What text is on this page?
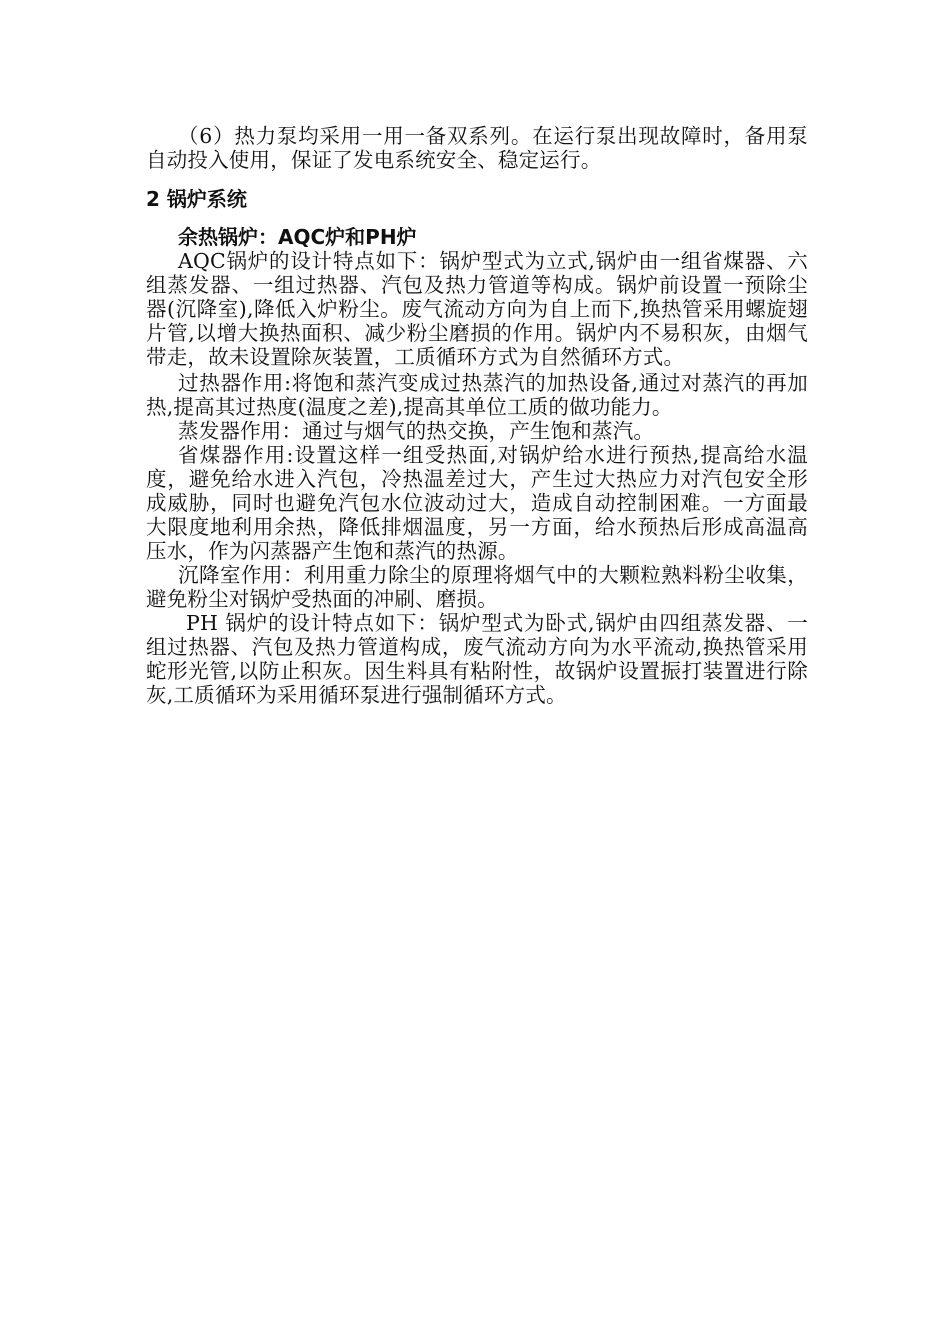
（6）热力泵均采用一用一备双系列。在运行泵出现故障时，备用泵自动投入使用，保证了发电系统安全、稳定运行。

2 锅炉系统
余热锅炉：AQC炉和PH炉

AQC锅炉的设计特点如下：锅炉型式为立式,锅炉由一组省煤器、六组蒸发器、一组过热器、汽包及热力管道等构成。锅炉前设置一预除尘器(沉降室),降低入炉粉尘。废气流动方向为自上而下,换热管采用螺旋翅片管,以增大换热面积、减少粉尘磨损的作用。锅炉内不易积灰，由烟气带走，故未设置除灰装置，工质循环方式为自然循环方式。

过热器作用:将饱和蒸汽变成过热蒸汽的加热设备,通过对蒸汽的再加热,提高其过热度(温度之差),提高其单位工质的做功能力。

蒸发器作用：通过与烟气的热交换，产生饱和蒸汽。

省煤器作用:设置这样一组受热面,对锅炉给水进行预热,提高给水温度，避免给水进入汽包，冷热温差过大，产生过大热应力对汽包安全形成威胁，同时也避免汽包水位波动过大，造成自动控制困难。一方面最大限度地利用余热，降低排烟温度，另一方面，给水预热后形成高温高压水，作为闪蒸器产生饱和蒸汽的热源。

沉降室作用：利用重力除尘的原理将烟气中的大颗粒熟料粉尘收集，避免粉尘对锅炉受热面的冲刷、磨损。

PH 锅炉的设计特点如下：锅炉型式为卧式,锅炉由四组蒸发器、一组过热器、汽包及热力管道构成，废气流动方向为水平流动,换热管采用蛇形光管,以防止积灰。因生料具有粘附性，故锅炉设置振打装置进行除灰,工质循环为采用循环泵进行强制循环方式。
